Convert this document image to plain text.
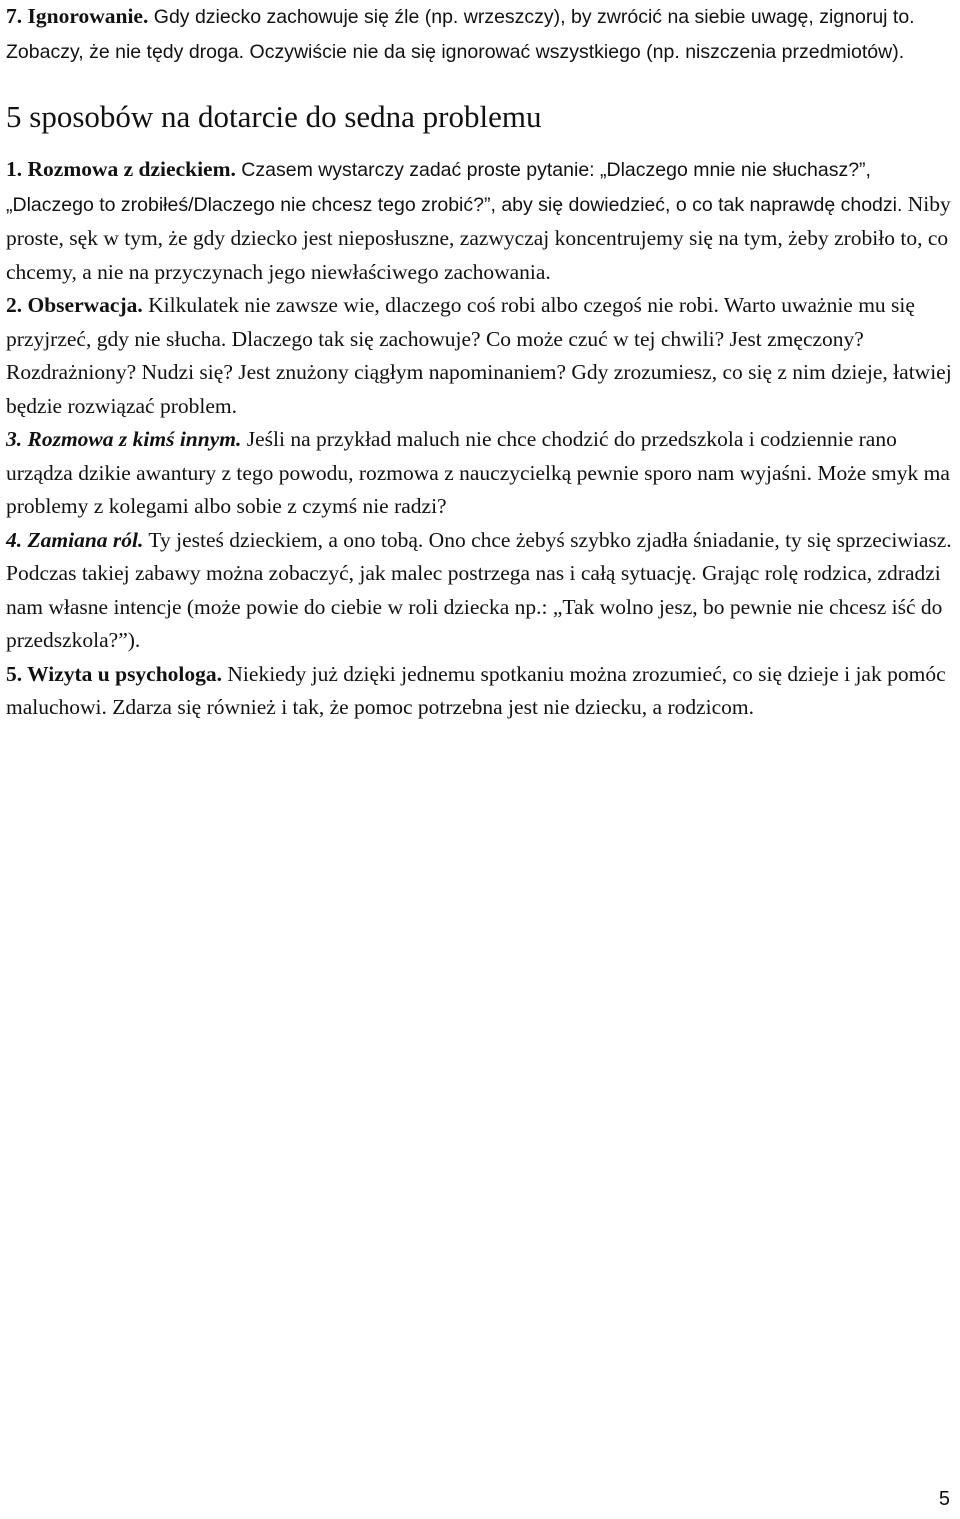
7. Ignorowanie. Gdy dziecko zachowuje się źle (np. wrzeszczy), by zwrócić na siebie uwagę, zignoruj to. Zobaczy, że nie tędy droga. Oczywiście nie da się ignorować wszystkiego (np. niszczenia przedmiotów).

5 sposobów na dotarcie do sedna problemu

1. Rozmowa z dzieckiem. Czasem wystarczy zadać proste pytanie: „Dlaczego mnie nie słuchasz?”, „Dlaczego to zrobiłeś/Dlaczego nie chcesz tego zrobić?”, aby się dowiedzieć, o co tak naprawdę chodzi. Niby proste, sęk w tym, że gdy dziecko jest nieposłuszne, zazwyczaj koncentrujemy się na tym, żeby zrobiło to, co chcemy, a nie na przyczynach jego niewłaściwego zachowania.

2. Obserwacja. Kilkulatek nie zawsze wie, dlaczego coś robi albo czegoś nie robi. Warto uważnie mu się przyjrzeć, gdy nie słucha. Dlaczego tak się zachowuje? Co może czuć w tej chwili? Jest zmęczony? Rozdrażniony? Nudzi się? Jest znużony ciągłym napominaniem? Gdy zrozumiesz, co się z nim dzieje, łatwiej będzie rozwiązać problem.

3. Rozmowa z kimś innym. Jeśli na przykład maluch nie chce chodzić do przedszkola i codziennie rano urządza dzikie awantury z tego powodu, rozmowa z nauczycielką pewnie sporo nam wyjaśni. Może smyk ma problemy z kolegami albo sobie z czymś nie radzi?

4. Zamiana ról. Ty jesteś dzieckiem, a ono tobą. Ono chce żebyś szybko zjadła śniadanie, ty się sprzeciwiasz. Podczas takiej zabawy można zobaczyć, jak malec postrzega nas i całą sytuację. Grając rolę rodzica, zdradzi nam własne intencje (może powie do ciebie w roli dziecka np.: „Tak wolno jesz, bo pewnie nie chcesz iść do przedszkola?”).

5. Wizyta u psychologa. Niekiedy już dzięki jednemu spotkaniu można zrozumieć, co się dzieje i jak pomóc maluchowi. Zdarza się również i tak, że pomoc potrzebna jest nie dziecku, a rodzicom.

5
